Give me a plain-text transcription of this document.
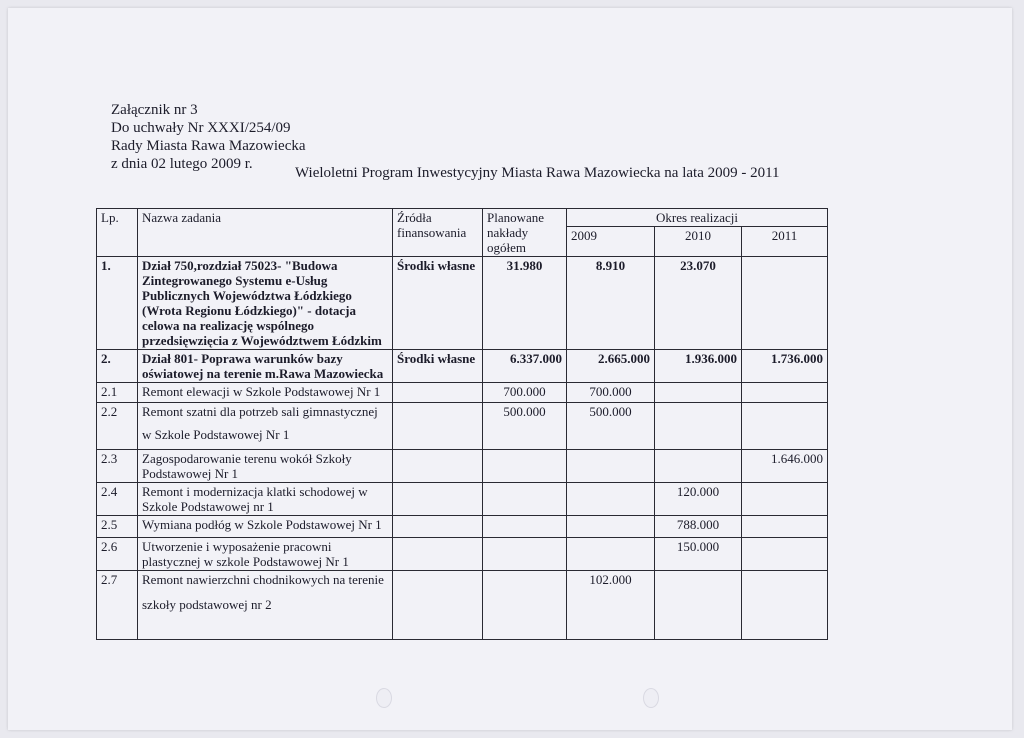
Załącznik nr 3
Do uchwały Nr XXXI/254/09
Rady Miasta Rawa Mazowiecka
z dnia 02 lutego 2009 r.
Wieloletni Program Inwestycyjny Miasta Rawa Mazowiecka na lata 2009 - 2011
Lp.	Nazwa zadania	Źródła finansowania	Planowane nakłady ogółem	Okres realizacji		
				2009	2010	2011
1.	Dział 750,rozdział 75023- "Budowa Zintegrowanego Systemu e-Usług Publicznych Województwa Łódzkiego (Wrota Regionu Łódzkiego)" - dotacja celowa na realizację wspólnego przedsięwzięcia z Województwem Łódzkim	Środki własne	31.980	8.910	23.070	
2.	Dział 801- Poprawa warunków bazy oświatowej na terenie m.Rawa Mazowiecka	Środki własne	6.337.000	2.665.000	1.936.000	1.736.000
2.1	Remont elewacji w Szkole Podstawowej Nr 1		700.000	700.000		
2.2	Remont szatni dla potrzeb sali gimnastycznej
w Szkole Podstawowej Nr 1		500.000	500.000		
2.3	Zagospodarowanie terenu wokół Szkoły Podstawowej Nr 1					1.646.000
2.4	Remont i modernizacja klatki schodowej w Szkole Podstawowej nr 1				120.000	
2.5	Wymiana podłóg w Szkole Podstawowej Nr 1				788.000	
2.6	Utworzenie i wyposażenie pracowni plastycznej w szkole Podstawowej Nr 1				150.000	
2.7	Remont nawierzchni chodnikowych na terenie
szkoły podstawowej nr 2			102.000		
